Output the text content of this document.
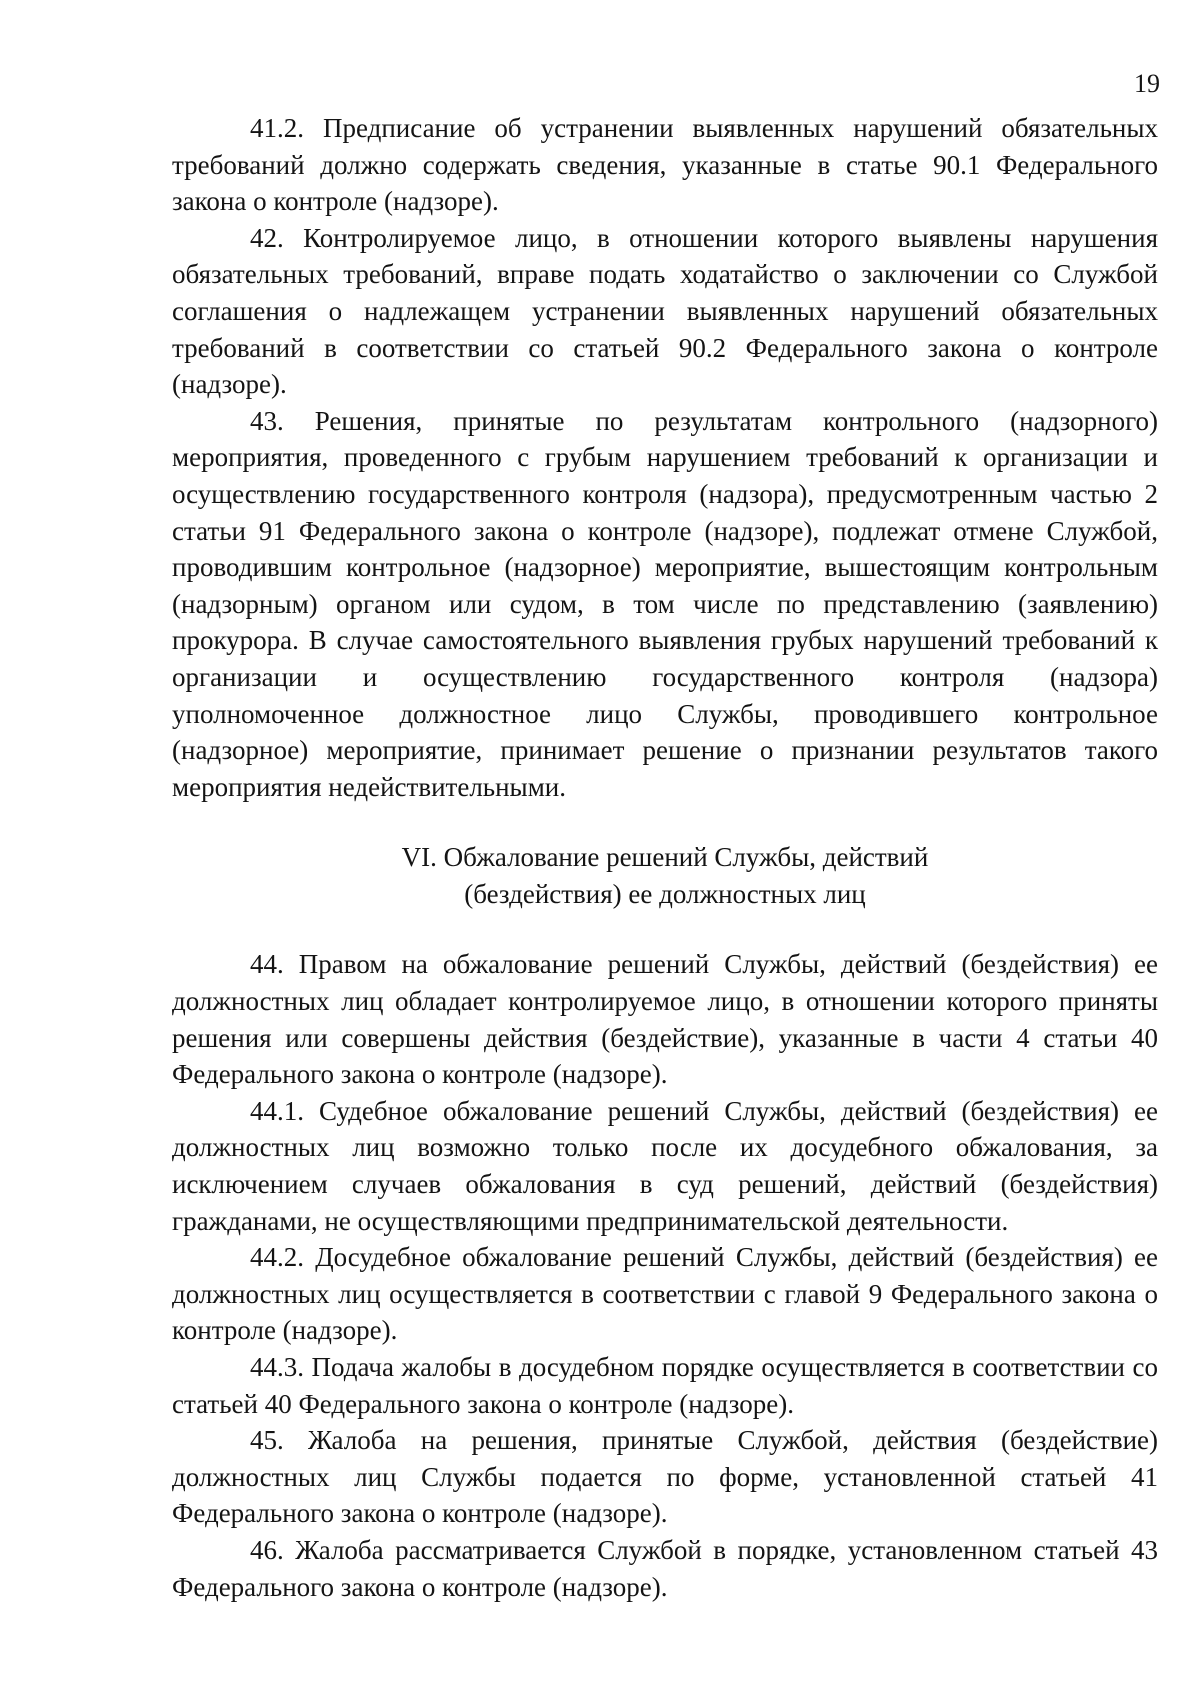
19

41.2. Предписание об устранении выявленных нарушений обязательных требований должно содержать сведения, указанные в статье 90.1 Федерального закона о контроле (надзоре).

42. Контролируемое лицо, в отношении которого выявлены нарушения обязательных требований, вправе подать ходатайство о заключении со Службой соглашения о надлежащем устранении выявленных нарушений обязательных требований в соответствии со статьей 90.2 Федерального закона о контроле (надзоре).

43. Решения, принятые по результатам контрольного (надзорного) мероприятия, проведенного с грубым нарушением требований к организации и осуществлению государственного контроля (надзора), предусмотренным частью 2 статьи 91 Федерального закона о контроле (надзоре), подлежат отмене Службой, проводившим контрольное (надзорное) мероприятие, вышестоящим контрольным (надзорным) органом или судом, в том числе по представлению (заявлению) прокурора. В случае самостоятельного выявления грубых нарушений требований к организации и осуществлению государственного контроля (надзора) уполномоченное должностное лицо Службы, проводившего контрольное (надзорное) мероприятие, принимает решение о признании результатов такого мероприятия недействительными.

VI. Обжалование решений Службы, действий
(бездействия) ее должностных лиц

44. Правом на обжалование решений Службы, действий (бездействия) ее должностных лиц обладает контролируемое лицо, в отношении которого приняты решения или совершены действия (бездействие), указанные в части 4 статьи 40 Федерального закона о контроле (надзоре).

44.1. Судебное обжалование решений Службы, действий (бездействия) ее должностных лиц возможно только после их досудебного обжалования, за исключением случаев обжалования в суд решений, действий (бездействия) гражданами, не осуществляющими предпринимательской деятельности.

44.2. Досудебное обжалование решений Службы, действий (бездействия) ее должностных лиц осуществляется в соответствии с главой 9 Федерального закона о контроле (надзоре).

44.3. Подача жалобы в досудебном порядке осуществляется в соответствии со статьей 40 Федерального закона о контроле (надзоре).

45. Жалоба на решения, принятые Службой, действия (бездействие) должностных лиц Службы подается по форме, установленной статьей 41 Федерального закона о контроле (надзоре).

46. Жалоба рассматривается Службой в порядке, установленном статьей 43 Федерального закона о контроле (надзоре).
